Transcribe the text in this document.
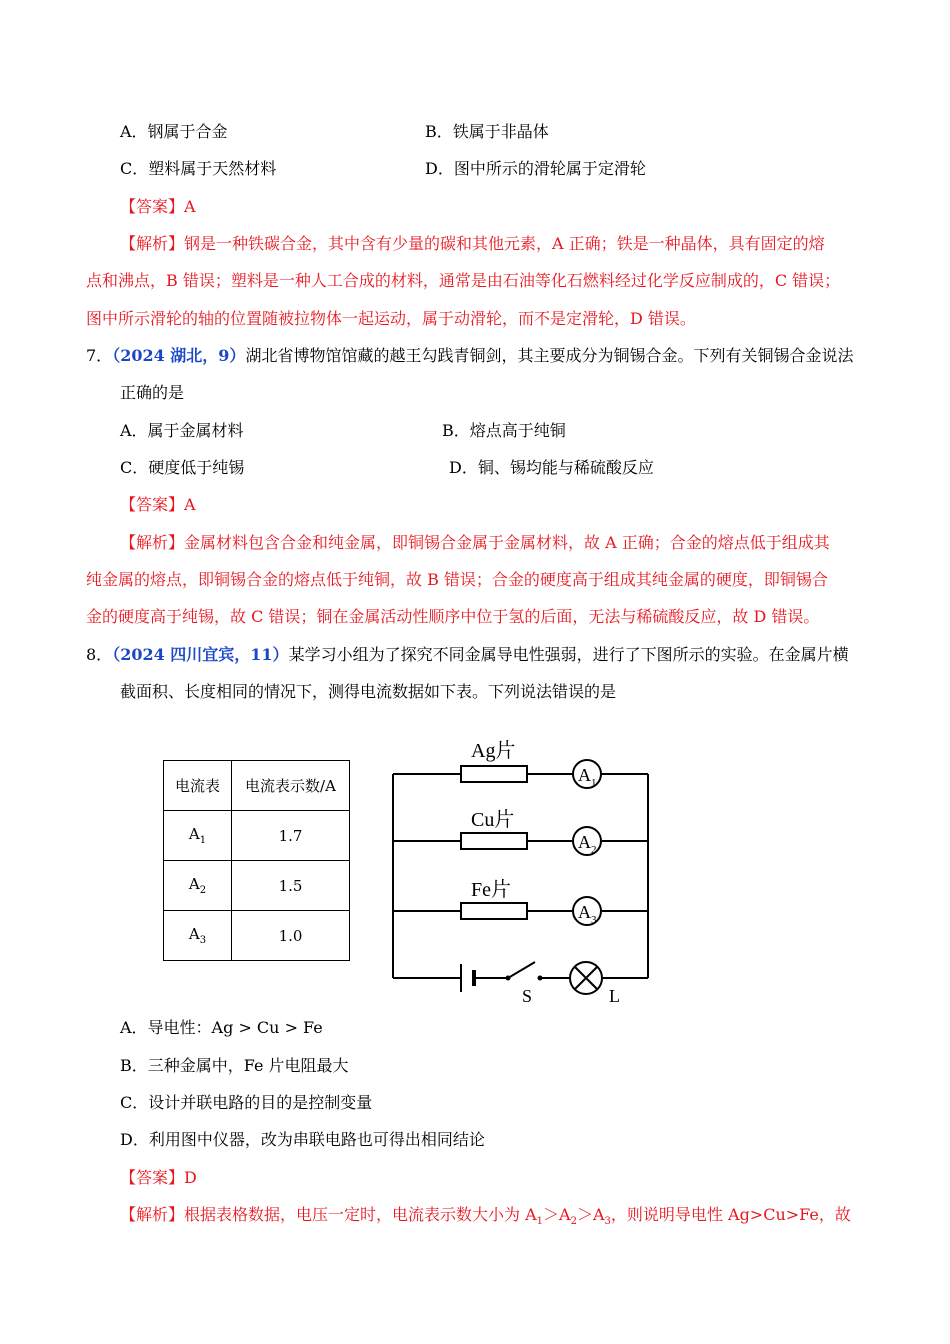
A．钢属于合金	B．铁属于非晶体
C．塑料属于天然材料	D．图中所示的滑轮属于定滑轮
【答案】A
【解析】钢是一种铁碳合金，其中含有少量的碳和其他元素，A 正确；铁是一种晶体，具有固定的熔
点和沸点，B 错误；塑料是一种人工合成的材料，通常是由石油等化石燃料经过化学反应制成的，C 错误；
图中所示滑轮的轴的位置随被拉物体一起运动，属于动滑轮，而不是定滑轮，D 错误。
7．（2024 湖北，9）湖北省博物馆馆藏的越王勾践青铜剑，其主要成分为铜锡合金。下列有关铜锡合金说法
正确的是
A．属于金属材料	B．熔点高于纯铜
C．硬度低于纯锡	D．铜、锡均能与稀硫酸反应
【答案】A
【解析】金属材料包含合金和纯金属，即铜锡合金属于金属材料，故 A 正确；合金的熔点低于组成其
纯金属的熔点，即铜锡合金的熔点低于纯铜，故 B 错误；合金的硬度高于组成其纯金属的硬度，即铜锡合
金的硬度高于纯锡，故 C 错误；铜在金属活动性顺序中位于氢的后面，无法与稀硫酸反应，故 D 错误。
8．（2024 四川宜宾，11）某学习小组为了探究不同金属导电性强弱，进行了下图所示的实验。在金属片横
截面积、长度相同的情况下，测得电流数据如下表。下列说法错误的是
电流表	电流表示数/A
$A_1$	1.7
$A_2$	1.5
$A_3$	1.0
Ag片
Cu片
Fe片
$A_1$
$A_2$
$A_3$
S	L
A．导电性：Ag > Cu > Fe
B．三种金属中，Fe 片电阻最大
C．设计并联电路的目的是控制变量
D．利用图中仪器，改为串联电路也可得出相同结论
【答案】D
【解析】根据表格数据，电压一定时，电流表示数大小为 $A_1>A_2>A_3$，则说明导电性 Ag>Cu>Fe，故
